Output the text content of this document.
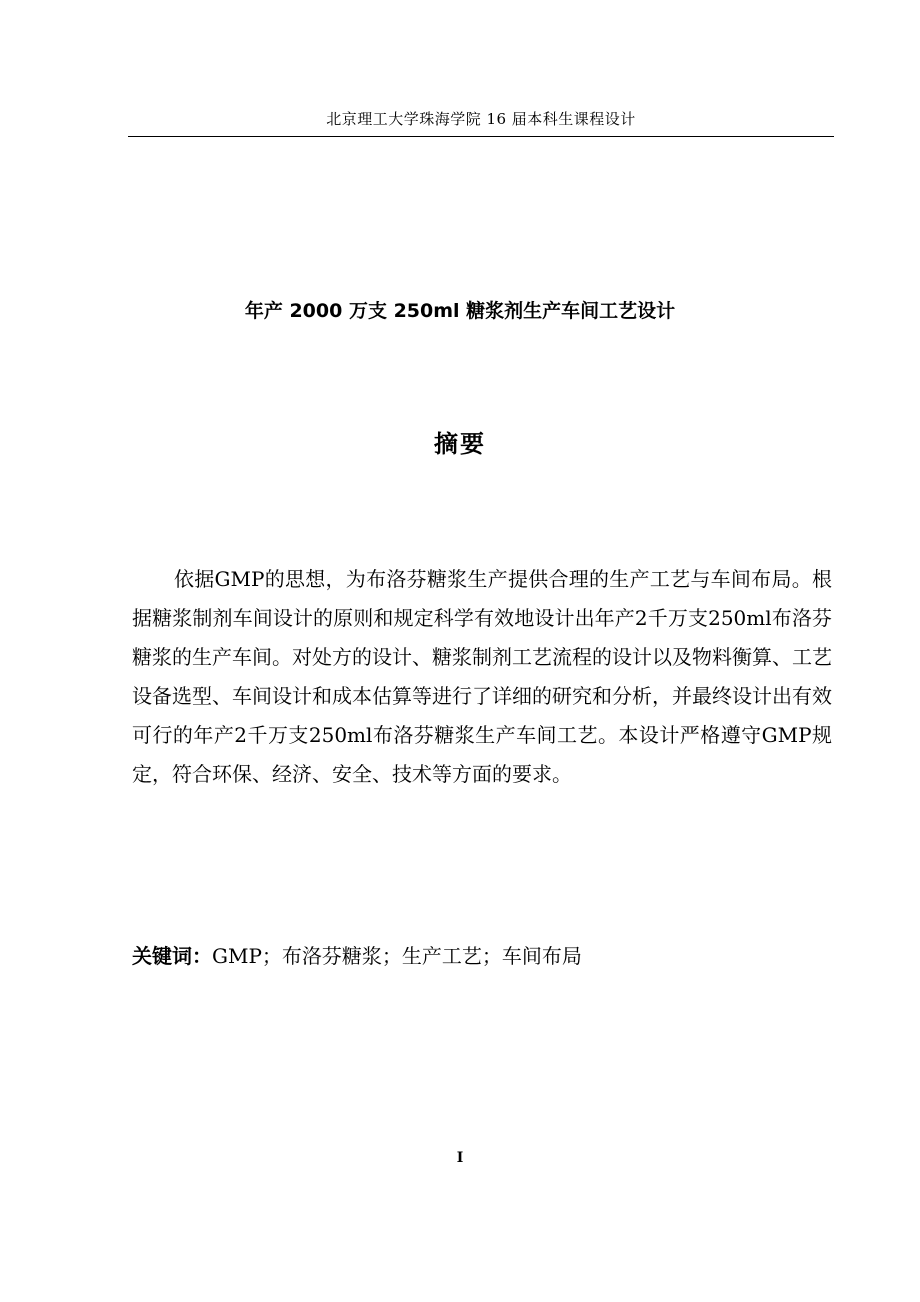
北京理工大学珠海学院 16 届本科生课程设计
年产 2000 万支 250ml 糖浆剂生产车间工艺设计
摘要

依据GMP的思想，为布洛芬糖浆生产提供合理的生产工艺与车间布局。根据糖浆制剂车间设计的原则和规定科学有效地设计出年产2千万支250ml布洛芬糖浆的生产车间。对处方的设计、糖浆制剂工艺流程的设计以及物料衡算、工艺设备选型、车间设计和成本估算等进行了详细的研究和分析，并最终设计出有效可行的年产2千万支250ml布洛芬糖浆生产车间工艺。本设计严格遵守GMP规定，符合环保、经济、安全、技术等方面的要求。

关键词：GMP；布洛芬糖浆；生产工艺；车间布局
I
